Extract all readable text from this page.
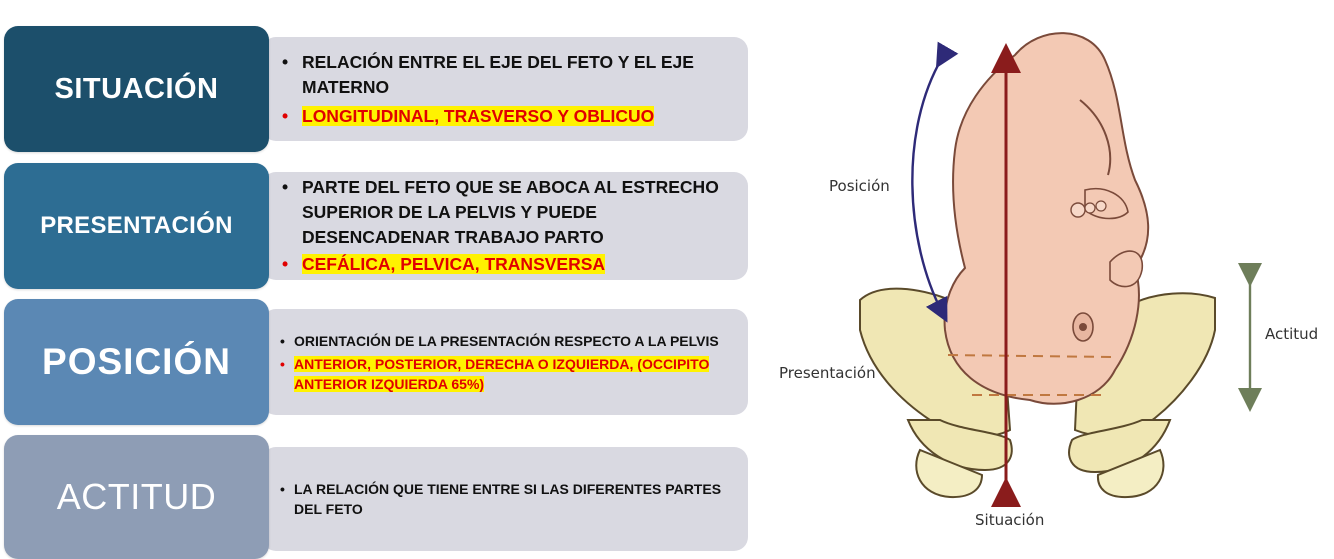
SITUACIÓN
• RELACIÓN ENTRE EL EJE DEL FETO Y EL EJE MATERNO
• LONGITUDINAL, TRASVERSO Y OBLICUO
PRESENTACIÓN
• PARTE DEL FETO QUE SE ABOCA AL ESTRECHO SUPERIOR DE LA PELVIS Y PUEDE DESENCADENAR TRABAJO PARTO
• CEFÁLICA, PELVICA, TRANSVERSA
POSICIÓN
• ORIENTACIÓN DE LA PRESENTACIÓN RESPECTO A LA PELVIS
• ANTERIOR, POSTERIOR, DERECHA O IZQUIERDA, (OCCIPITO ANTERIOR IZQUIERDA 65%)
ACTITUD	• LA RELACIÓN QUE TIENE ENTRE SI LAS DIFERENTES PARTES DEL FETO
Posición
Presentación
Actitud
Situación
